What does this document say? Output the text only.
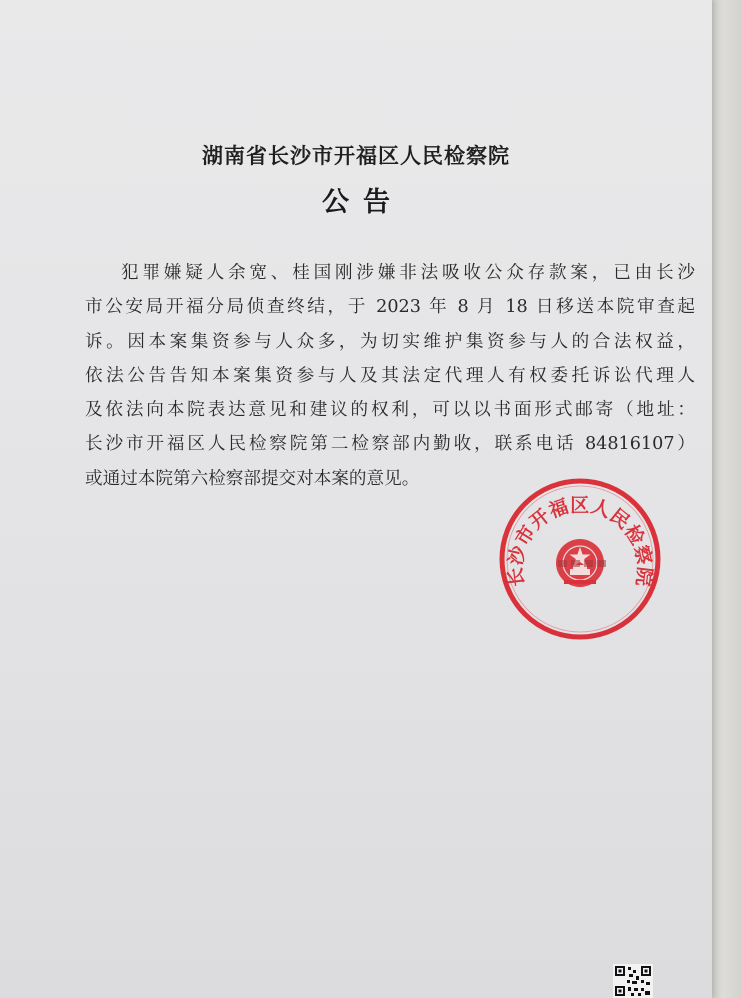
湖南省长沙市开福区人民检察院
公告
犯罪嫌疑人余宽、桂国刚涉嫌非法吸收公众存款案，已由长沙
市公安局开福分局侦查终结，于 2023 年 8 月 18 日移送本院审查起
诉。因本案集资参与人众多，为切实维护集资参与人的合法权益，
依法公告告知本案集资参与人及其法定代理人有权委托诉讼代理人
及依法向本院表达意见和建议的权利，可以以书面形式邮寄（地址：
长沙市开福区人民检察院第二检察部内勤收，联系电话 84816107）
或通过本院第六检察部提交对本案的意见。
长沙市开福区人民检察院
